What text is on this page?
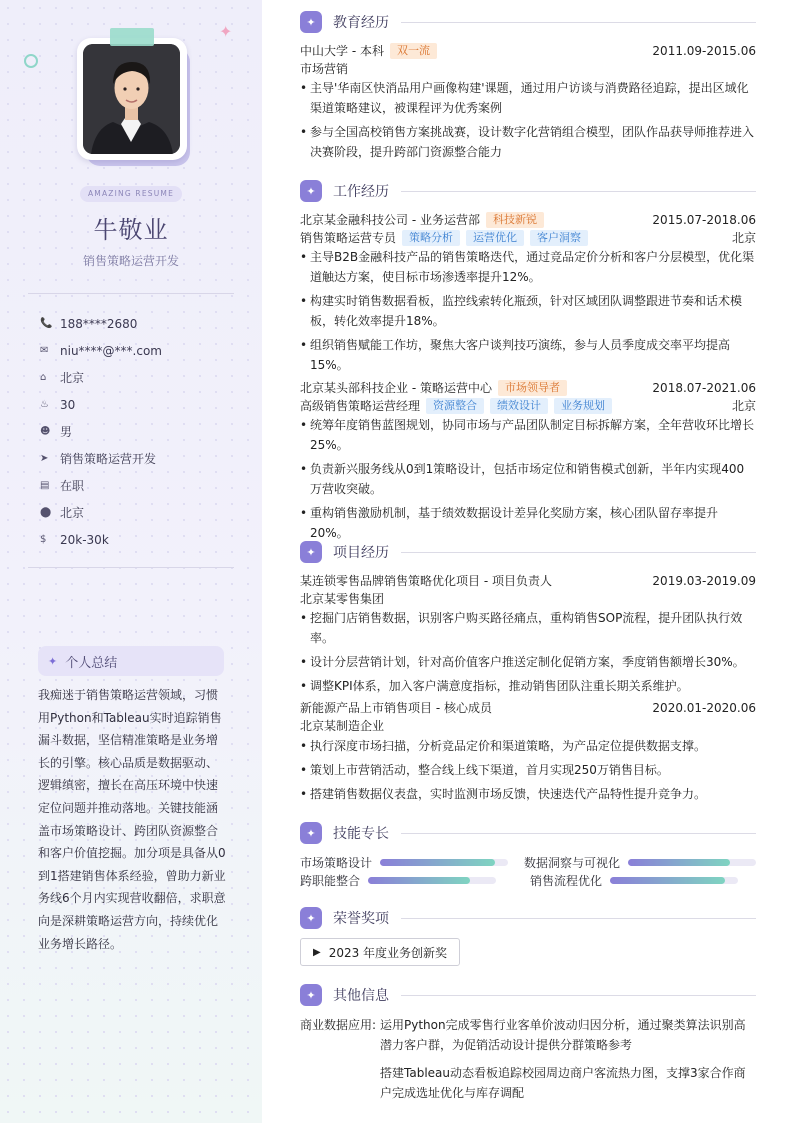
✦
AMAZING RESUME
牛敬业
销售策略运营开发
📞 188****2680
✉ niu****@***.com
⌂	北京
♨ 30
☻ 男
➤ 销售策略运营开发
▤ 在职
⬤ 北京
$	20k-30k
✦ 个人总结
我痴迷于销售策略运营领域，习惯用Python和Tableau实时追踪销售漏斗数据，坚信精准策略是业务增长的引擎。核心品质是数据驱动、逻辑缜密，擅长在高压环境中快速定位问题并推动落地。关键技能涵盖市场策略设计、跨团队资源整合和客户价值挖掘。加分项是具备从0到1搭建销售体系经验，曾助力新业务线6个月内实现营收翻倍，求职意向是深耕策略运营方向，持续优化业务增长路径。
✦	教育经历
中山大学 - 本科	双一流	2011.09-2015.06
市场营销
• 主导'华南区快消品用户画像构建'课题，通过用户访谈与消费路径追踪，提出区域化渠道策略建议，被课程评为优秀案例
• 参与全国高校销售方案挑战赛，设计数字化营销组合模型，团队作品获导师推荐进入决赛阶段，提升跨部门资源整合能力
✦	工作经历
北京某金融科技公司 - 业务运营部	科技新锐	2015.07-2018.06
销售策略运营专员	策略分析	运营优化	客户洞察	北京
• 主导B2B金融科技产品的销售策略迭代，通过竞品定价分析和客户分层模型，优化渠道触达方案，使目标市场渗透率提升12%。
• 构建实时销售数据看板，监控线索转化瓶颈，针对区域团队调整跟进节奏和话术模板，转化效率提升18%。
• 组织销售赋能工作坊，聚焦大客户谈判技巧演练，参与人员季度成交率平均提高15%。
北京某头部科技企业 - 策略运营中心	市场领导者	2018.07-2021.06
高级销售策略运营经理	资源整合	绩效设计	业务规划	北京
• 统筹年度销售蓝图规划，协同市场与产品团队制定目标拆解方案，全年营收环比增长25%。
• 负责新兴服务线从0到1策略设计，包括市场定位和销售模式创新，半年内实现400万营收突破。
• 重构销售激励机制，基于绩效数据设计差异化奖励方案，核心团队留存率提升20%。
✦	项目经历
某连锁零售品牌销售策略优化项目 - 项目负责人	2019.03-2019.09
北京某零售集团
• 挖掘门店销售数据，识别客户购买路径痛点，重构销售SOP流程，提升团队执行效率。
• 设计分层营销计划，针对高价值客户推送定制化促销方案，季度销售额增长30%。
• 调整KPI体系，加入客户满意度指标，推动销售团队注重长期关系维护。
新能源产品上市销售项目 - 核心成员	2020.01-2020.06
北京某制造企业
• 执行深度市场扫描，分析竞品定价和渠道策略，为产品定位提供数据支撑。
• 策划上市营销活动，整合线上线下渠道，首月实现250万销售目标。
• 搭建销售数据仪表盘，实时监测市场反馈，快速迭代产品特性提升竞争力。
✦	技能专长
市场策略设计	数据洞察与可视化
跨职能整合	销售流程优化
✦	荣誉奖项
▶ 2023 年度业务创新奖
✦	其他信息
商业数据应用: 运用Python完成零售行业客单价波动归因分析，通过聚类算法识别高潜力客户群，为促销活动设计提供分群策略参考
搭建Tableau动态看板追踪校园周边商户客流热力图，支撑3家合作商户完成选址优化与库存调配
